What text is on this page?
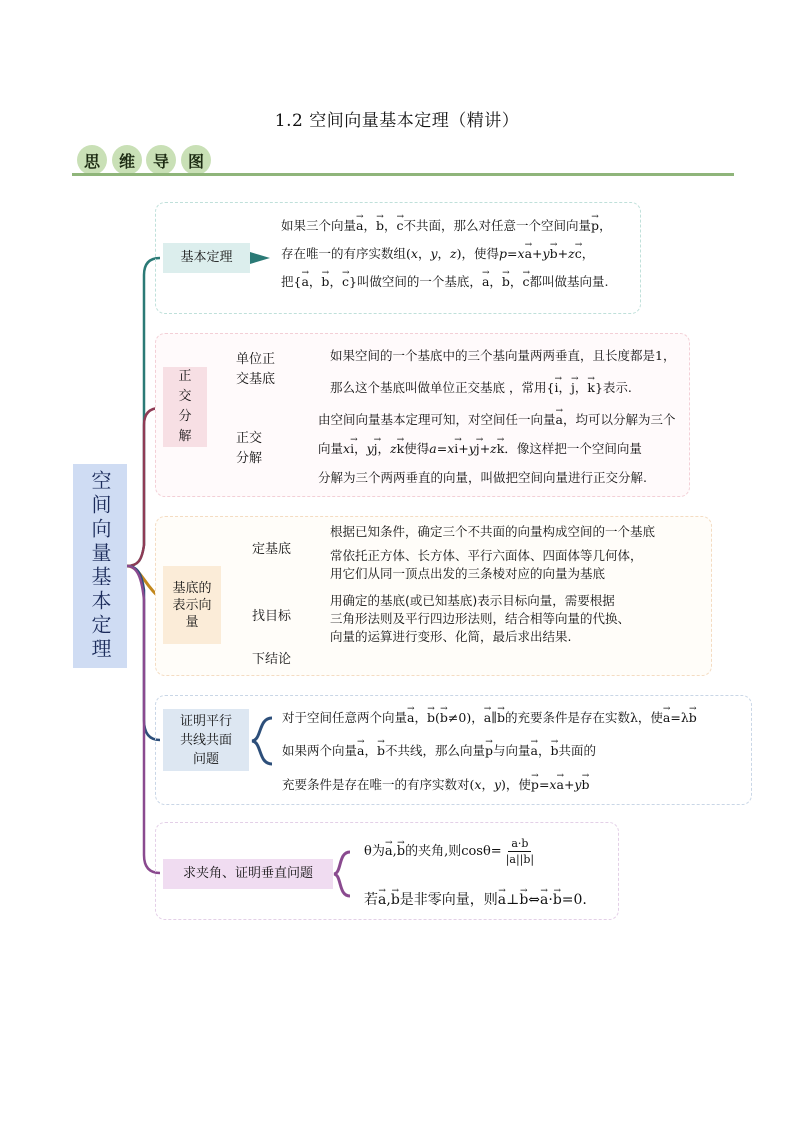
1.2 空间向量基本定理（精讲）
思	维	导	图
空间向量基本定理
基本定理
如果三个向量→ a，→ b，→ c不共面，那么对任意一个空间向量→ p，
存在唯一的有序实数组(x，y，z)，使得p=x→ a+y→ b+z→ c，
把{→ a，→ b，→ c}叫做空间的一个基底，→ a，→ b，→ c都叫做基向量.
正交分解
单位正交基底
正交分解
如果空间的一个基底中的三个基向量两两垂直，且长度都是1，
那么这个基底叫做单位正交基底 ，常用{→ i，→ j，→ k}表示.
由空间向量基本定理可知，对空间任一向量→ a，均可以分解为三个
向量x→ i，y→ j，z→ k使得a=x→ i+y→ j+z→ k．像这样把一个空间向量
分解为三个两两垂直的向量，叫做把空间向量进行正交分解.
基底的表示向量
定基底
找目标
下结论
根据已知条件，确定三个不共面的向量构成空间的一个基底
常依托正方体、长方体、平行六面体、四面体等几何体，
用它们从同一顶点出发的三条棱对应的向量为基底
用确定的基底(或已知基底)表示目标向量，需要根据
三角形法则及平行四边形法则，结合相等向量的代换、
向量的运算进行变形、化简，最后求出结果.
证明平行共线共面问题
对于空间任意两个向量→ a，→ b(→ b≠0)，→ a∥→ b的充要条件是存在实数λ，使→ a=λ→ b
如果两个向量→ a，→ b不共线，那么向量→ p与向量→ a，→ b共面的
充要条件是存在唯一的有序实数对(x，y)，使→ p=x→ a+y→ b
求夹角、证明垂直问题
θ为→ a,→ b的夹角,则$\cos\theta= \frac{a\cdot b}{|a||b|}$
若→ a,→ b是非零向量，则→ a⊥→ b⇔→ a·→ b=0.
